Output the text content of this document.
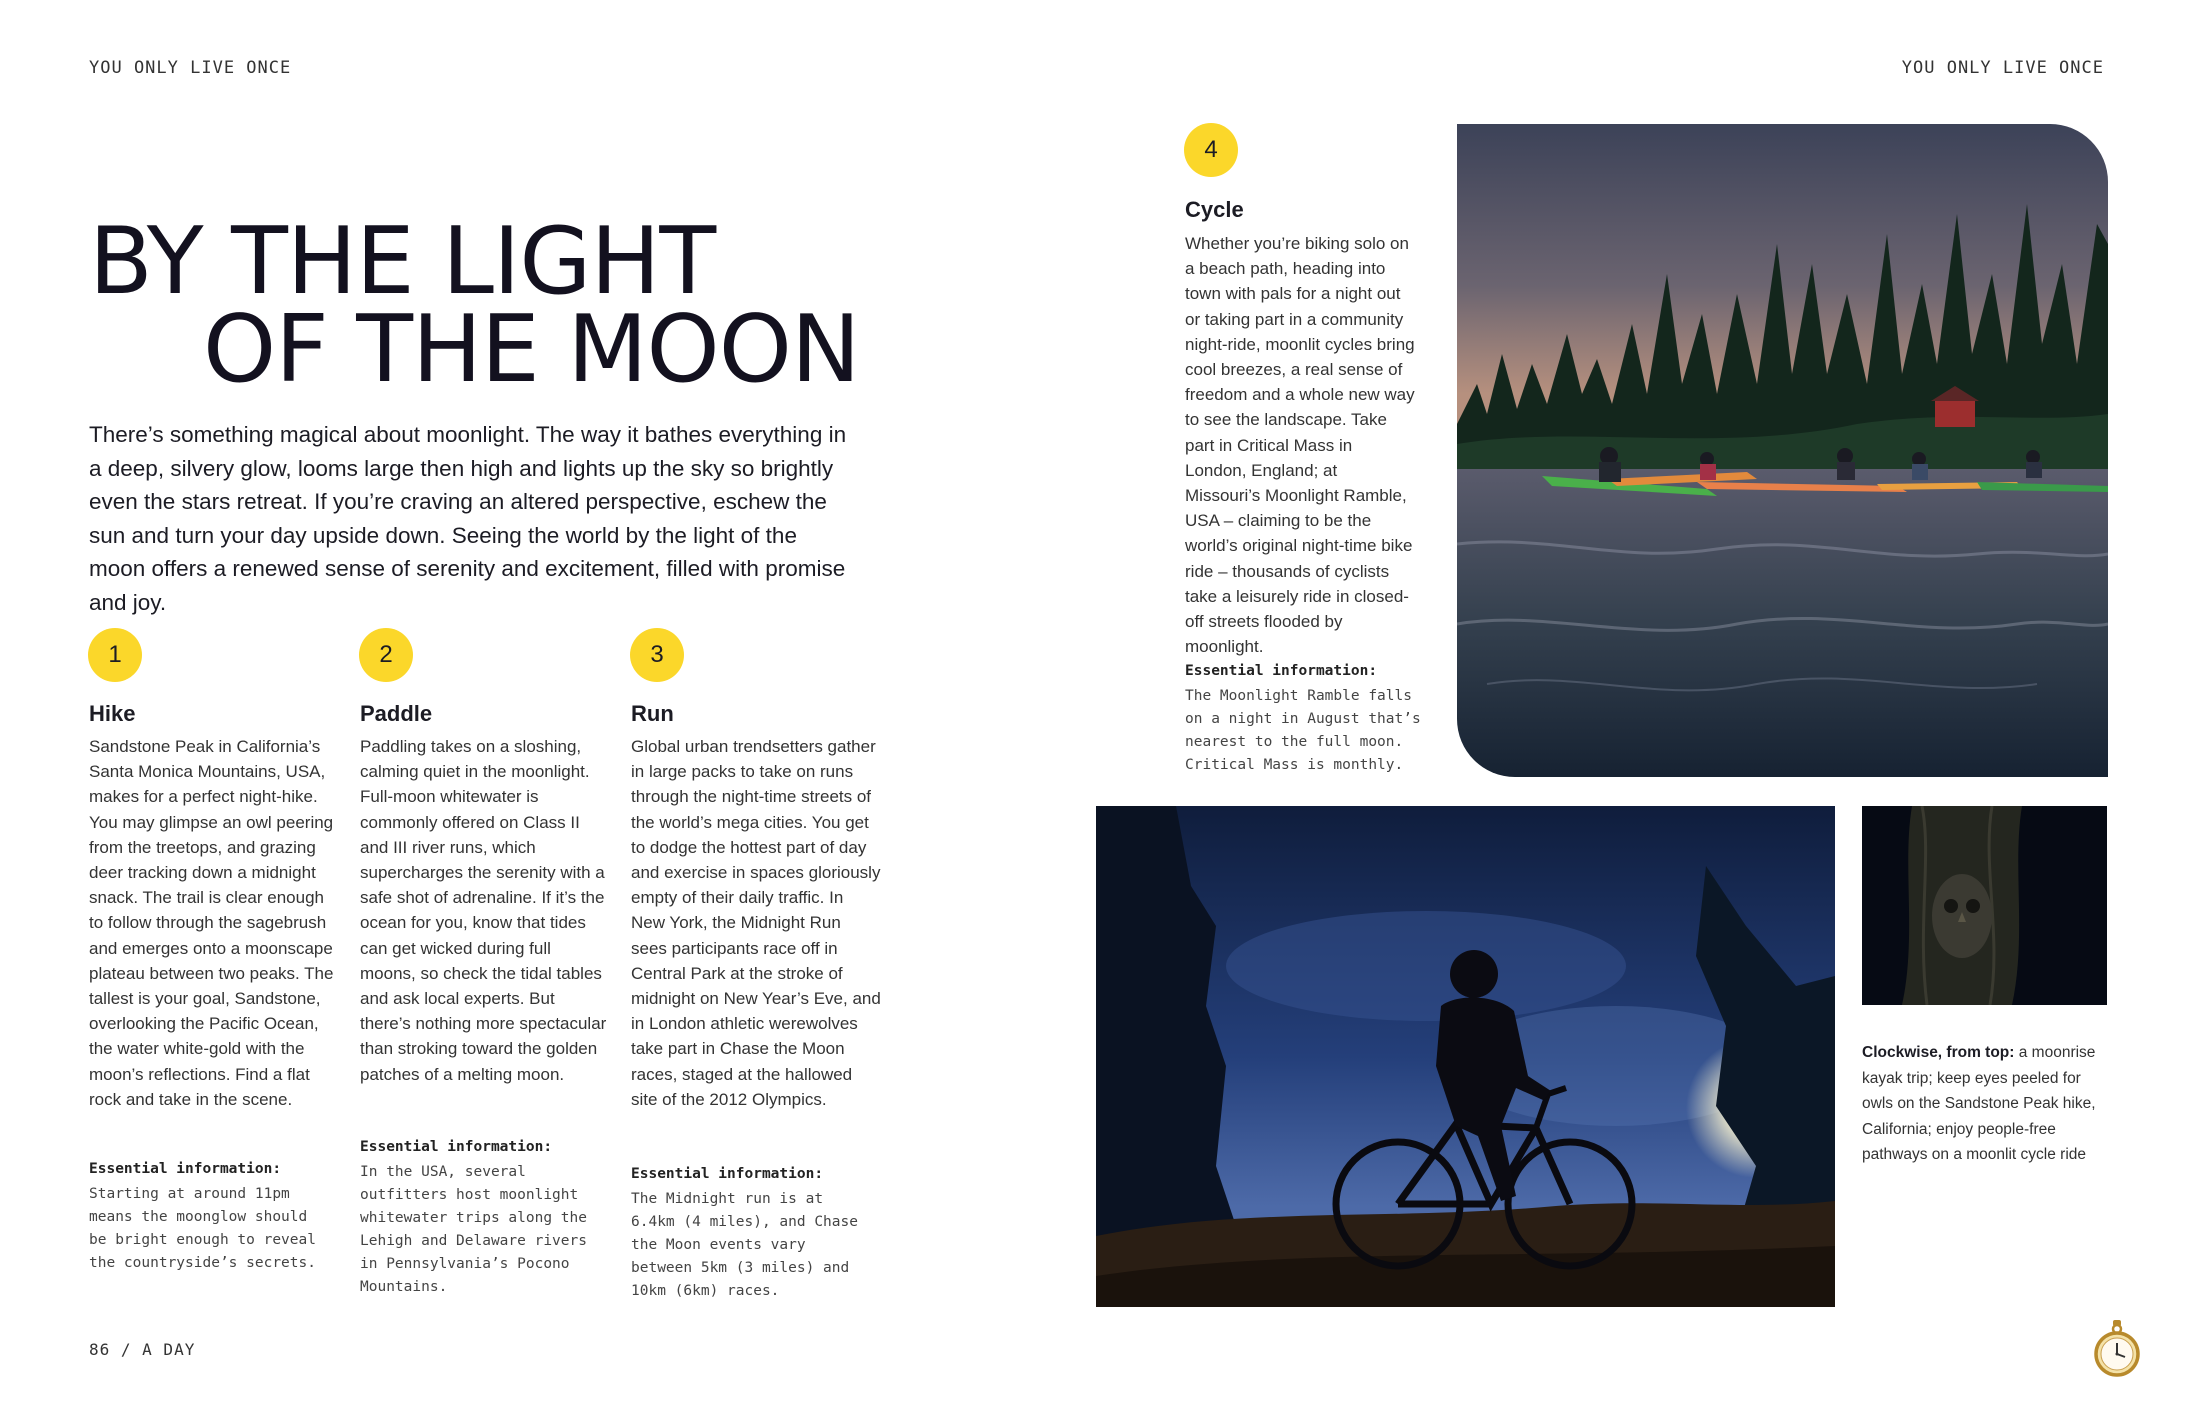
YOU ONLY LIVE ONCE	YOU ONLY LIVE ONCE
BY THE LIGHT
OF THE MOON
There’s something magical about moonlight. The way it bathes everything in a deep, silvery glow, looms large then high and lights up the sky so brightly even the stars retreat. If you’re craving an altered perspective, eschew the sun and turn your day upside down. Seeing the world by the light of the moon offers a renewed sense of serenity and excitement, filled with promise and joy.
1
Hike
Sandstone Peak in California’s Santa Monica Mountains, USA, makes for a perfect night-hike. You may glimpse an owl peering from the treetops, and grazing deer tracking down a midnight snack. The trail is clear enough to follow through the sagebrush and emerges onto a moonscape plateau between two peaks. The tallest is your goal, Sandstone, overlooking the Pacific Ocean, the water white-gold with the moon’s reflections. Find a flat rock and take in the scene.
Essential information:
Starting at around 11pm means the moonglow should be bright enough to reveal the countryside’s secrets.
2
Paddle
Paddling takes on a sloshing, calming quiet in the moonlight. Full-moon whitewater is commonly offered on Class II and III river runs, which supercharges the serenity with a safe shot of adrenaline. If it’s the ocean for you, know that tides can get wicked during full moons, so check the tidal tables and ask local experts. But there’s nothing more spectacular than stroking toward the golden patches of a melting moon.
Essential information:
In the USA, several outfitters host moonlight whitewater trips along the Lehigh and Delaware rivers in Pennsylvania’s Pocono Mountains.
3
Run
Global urban trendsetters gather in large packs to take on runs through the night-time streets of the world’s mega cities. You get to dodge the hottest part of day and exercise in spaces gloriously empty of their daily traffic. In New York, the Midnight Run sees participants race off in Central Park at the stroke of midnight on New Year’s Eve, and in London athletic werewolves take part in Chase the Moon races, staged at the hallowed site of the 2012 Olympics.
Essential information:
The Midnight run is at 6.4km (4 miles), and Chase the Moon events vary between 5km (3 miles) and 10km (6km) races.
4
Cycle
Whether you’re biking solo on a beach path, heading into town with pals for a night out or taking part in a community night-ride, moonlit cycles bring cool breezes, a real sense of freedom and a whole new way to see the landscape. Take part in Critical Mass in London, England; at Missouri’s Moonlight Ramble, USA – claiming to be the world’s original night-time bike ride – thousands of cyclists take a leisurely ride in closed-off streets flooded by moonlight.
Essential information:
The Moonlight Ramble falls on a night in August that’s nearest to the full moon. Critical Mass is monthly.
Clockwise, from top: a moonrise kayak trip; keep eyes peeled for owls on the Sandstone Peak hike, California; enjoy people-free pathways on a moonlit cycle ride
86 / A DAY
